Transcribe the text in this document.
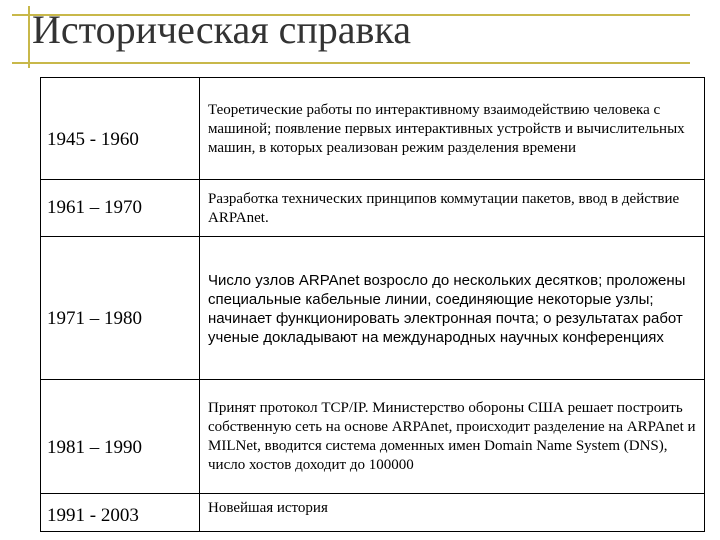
Историческая справка
1945 - 1960	Теоретические работы по интерактивному взаимодействию человека с машиной; появление первых интерактивных устройств и вычислительных машин, в которых реализован режим разделения времени
1961 – 1970	Разработка технических принципов коммутации пакетов, ввод в действие ARPAnet.
1971 – 1980	Число узлов ARPAnet возросло до нескольких десятков; проложены специальные кабельные линии, соединяющие некоторые узлы; начинает функционировать электронная почта; о результатах работ ученые докладывают на международных научных конференциях
1981 – 1990	Принят протокол TCP/IP. Министерство обороны США решает построить собственную сеть на основе ARPAnet, происходит разделение на ARPAnet и MILNet, вводится система доменных имен Domain Name System (DNS), число хостов доходит до 100000
1991 - 2003	Новейшая история
